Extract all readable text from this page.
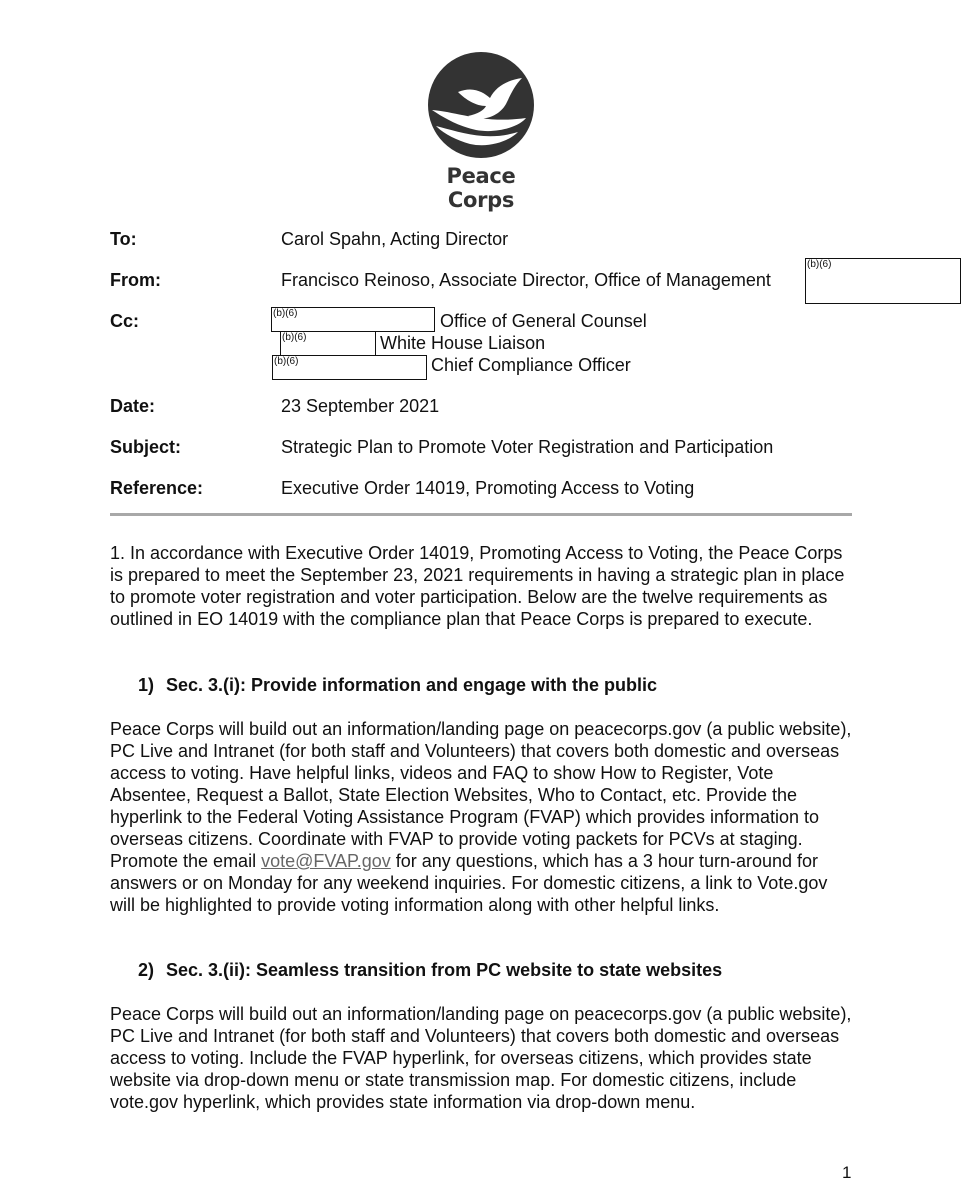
Peace Corps
To:	Carol Spahn, Acting Director
From:	Francisco Reinoso, Associate Director, Office of Management
(b)(6)
Cc:	(b)(6)	Office of General Counsel
(b)(6)	White House Liaison
(b)(6)	Chief Compliance Officer
Date:	23 September 2021
Subject:	Strategic Plan to Promote Voter Registration and Participation
Reference:	Executive Order 14019, Promoting Access to Voting

1. In accordance with Executive Order 14019, Promoting Access to Voting, the Peace Corps is prepared to meet the September 23, 2021 requirements in having a strategic plan in place to promote voter registration and voter participation. Below are the twelve requirements as outlined in EO 14019 with the compliance plan that Peace Corps is prepared to execute.

1) Sec. 3.(i): Provide information and engage with the public

Peace Corps will build out an information/landing page on peacecorps.gov (a public website), PC Live and Intranet (for both staff and Volunteers) that covers both domestic and overseas access to voting. Have helpful links, videos and FAQ to show How to Register, Vote Absentee, Request a Ballot, State Election Websites, Who to Contact, etc. Provide the hyperlink to the Federal Voting Assistance Program (FVAP) which provides information to overseas citizens. Coordinate with FVAP to provide voting packets for PCVs at staging. Promote the email vote@FVAP.gov for any questions, which has a 3 hour turn-around for answers or on Monday for any weekend inquiries. For domestic citizens, a link to Vote.gov will be highlighted to provide voting information along with other helpful links.

2) Sec. 3.(ii): Seamless transition from PC website to state websites

Peace Corps will build out an information/landing page on peacecorps.gov (a public website), PC Live and Intranet (for both staff and Volunteers) that covers both domestic and overseas access to voting. Include the FVAP hyperlink, for overseas citizens, which provides state website via drop-down menu or state transmission map. For domestic citizens, include vote.gov hyperlink, which provides state information via drop-down menu.

1
